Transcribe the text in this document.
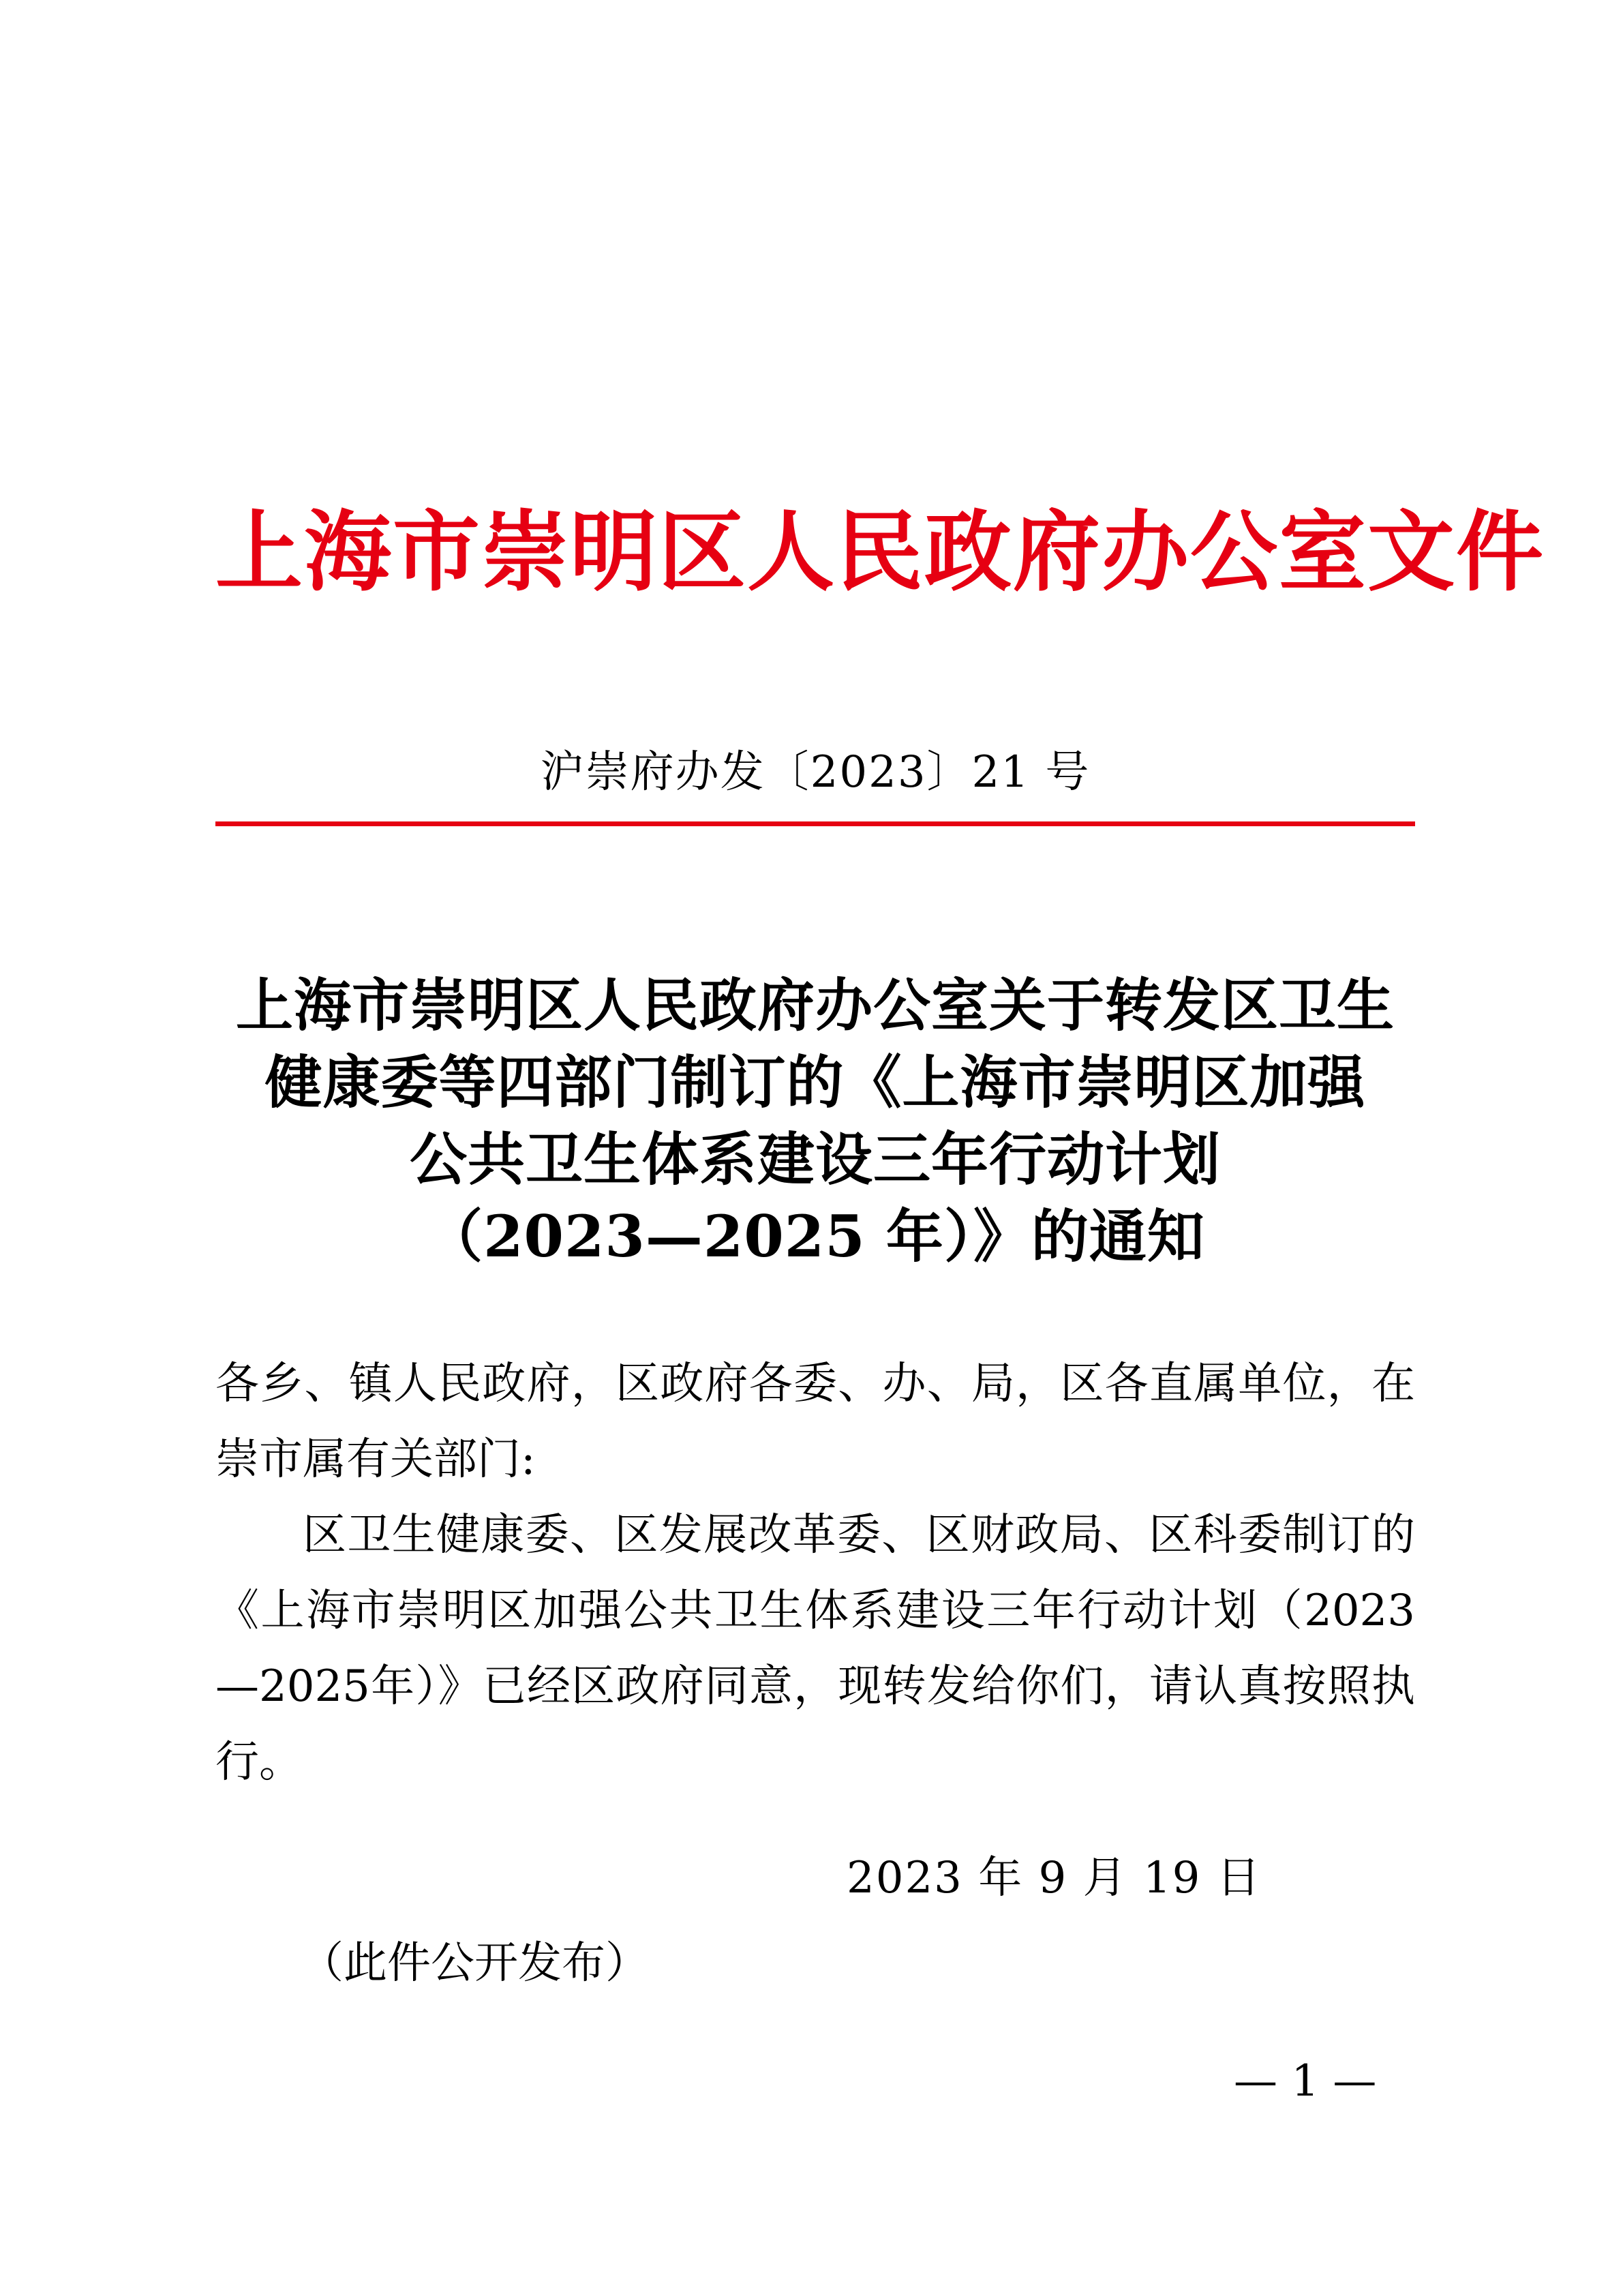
上海市崇明区人民政府办公室文件
沪崇府办发〔2023〕21 号
上海市崇明区人民政府办公室关于转发区卫生
健康委等四部门制订的《上海市崇明区加强
公共卫生体系建设三年行动计划
（2023—2025 年）》的通知

各乡、镇人民政府，区政府各委、办、局，区各直属单位，在崇市属有关部门:

区卫生健康委、区发展改革委、区财政局、区科委制订的《上海市崇明区加强公共卫生体系建设三年行动计划（2023—2025年）》已经区政府同意，现转发给你们，请认真按照执行。

2023 年 9 月 19 日
（此件公开发布）
— 1 —
